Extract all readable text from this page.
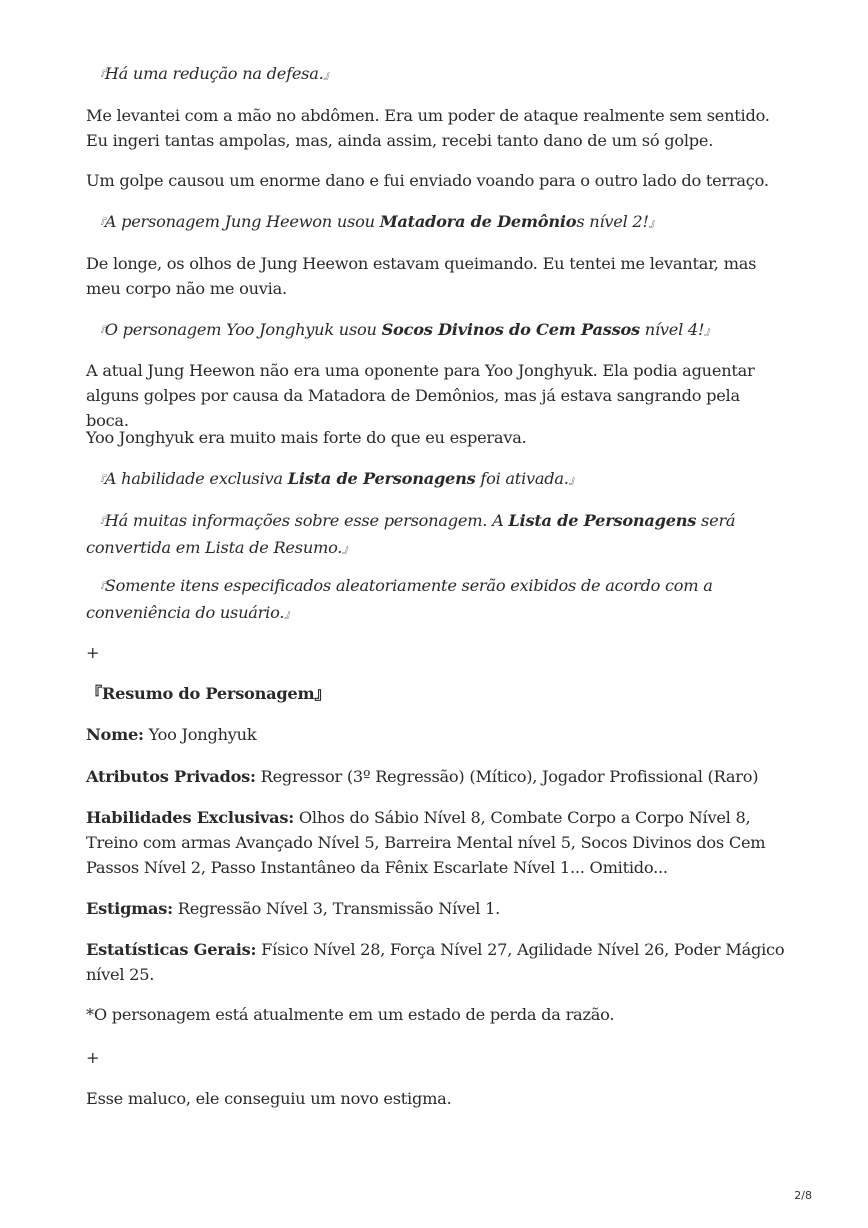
『Há uma redução na defesa.』

Me levantei com a mão no abdômen. Era um poder de ataque realmente sem sentido. Eu ingeri tantas ampolas, mas, ainda assim, recebi tanto dano de um só golpe.

Um golpe causou um enorme dano e fui enviado voando para o outro lado do terraço.

『A personagem Jung Heewon usou Matadora de Demônios nível 2!』

De longe, os olhos de Jung Heewon estavam queimando. Eu tentei me levantar, mas meu corpo não me ouvia.

『O personagem Yoo Jonghyuk usou Socos Divinos do Cem Passos nível 4!』

A atual Jung Heewon não era uma oponente para Yoo Jonghyuk. Ela podia aguentar alguns golpes por causa da Matadora de Demônios, mas já estava sangrando pela boca.

Yoo Jonghyuk era muito mais forte do que eu esperava.

『A habilidade exclusiva Lista de Personagens foi ativada.』

『Há muitas informações sobre esse personagem. A Lista de Personagens será convertida em Lista de Resumo.』

『Somente itens especificados aleatoriamente serão exibidos de acordo com a conveniência do usuário.』

+

『Resumo do Personagem』

Nome: Yoo Jonghyuk

Atributos Privados: Regressor (3º Regressão) (Mítico), Jogador Profissional (Raro)

Habilidades Exclusivas: Olhos do Sábio Nível 8, Combate Corpo a Corpo Nível 8, Treino com armas Avançado Nível 5, Barreira Mental nível 5, Socos Divinos dos Cem Passos Nível 2, Passo Instantâneo da Fênix Escarlate Nível 1... Omitido...

Estigmas: Regressão Nível 3, Transmissão Nível 1.

Estatísticas Gerais: Físico Nível 28, Força Nível 27, Agilidade Nível 26, Poder Mágico nível 25.

*O personagem está atualmente em um estado de perda da razão.

+

Esse maluco, ele conseguiu um novo estigma.

2/8
